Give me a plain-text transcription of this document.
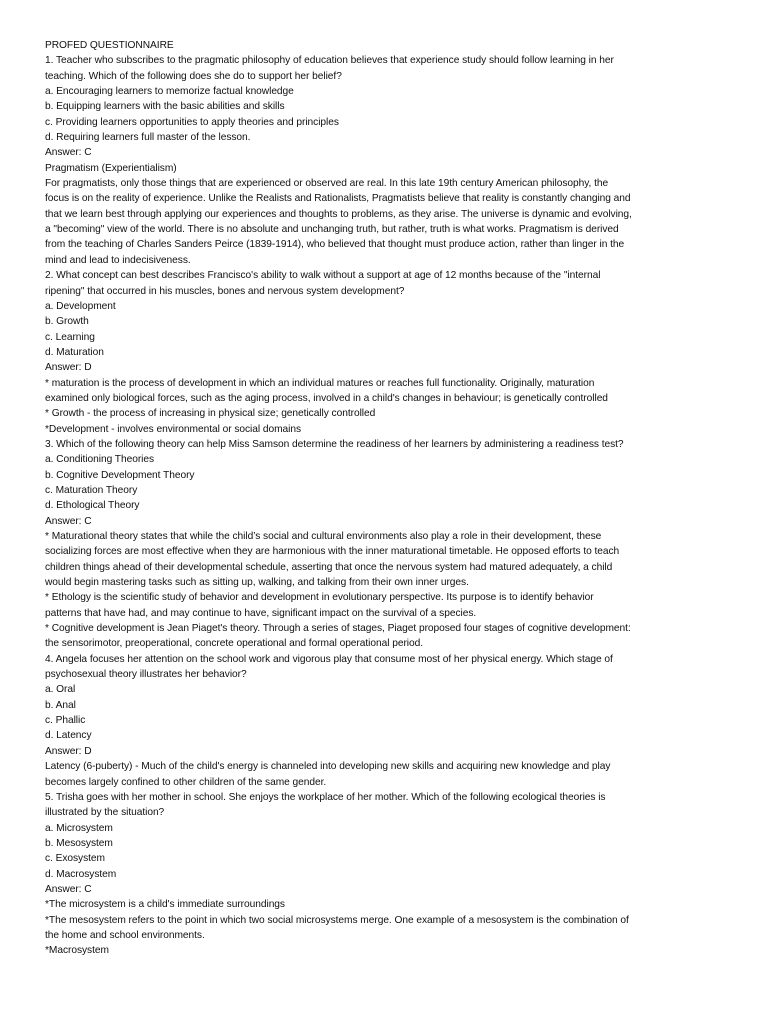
PROFED QUESTIONNAIRE
1. Teacher who subscribes to the pragmatic philosophy of education believes that experience study should follow learning in her
teaching. Which of the following does she do to support her belief?
a. Encouraging learners to memorize factual knowledge
b. Equipping learners with the basic abilities and skills
c. Providing learners opportunities to apply theories and principles
d. Requiring learners full master of the lesson.
Answer: C
Pragmatism (Experientialism)
For pragmatists, only those things that are experienced or observed are real. In this late 19th century American philosophy, the
focus is on the reality of experience. Unlike the Realists and Rationalists, Pragmatists believe that reality is constantly changing and
that we learn best through applying our experiences and thoughts to problems, as they arise. The universe is dynamic and evolving,
a "becoming" view of the world. There is no absolute and unchanging truth, but rather, truth is what works. Pragmatism is derived
from the teaching of Charles Sanders Peirce (1839-1914), who believed that thought must produce action, rather than linger in the
mind and lead to indecisiveness.
2. What concept can best describes Francisco's ability to walk without a support at age of 12 months because of the "internal
ripening" that occurred in his muscles, bones and nervous system development?
a. Development
b. Growth
c. Learning
d. Maturation
Answer: D
* maturation is the process of development in which an individual matures or reaches full functionality. Originally, maturation
examined only biological forces, such as the aging process, involved in a child's changes in behaviour; is genetically controlled
* Growth - the process of increasing in physical size; genetically controlled
*Development - involves environmental or social domains
3. Which of the following theory can help Miss Samson determine the readiness of her learners by administering a readiness test?
a. Conditioning Theories
b. Cognitive Development Theory
c. Maturation Theory
d. Ethological Theory
Answer: C
* Maturational theory states that while the child’s social and cultural environments also play a role in their development, these
socializing forces are most effective when they are harmonious with the inner maturational timetable. He opposed efforts to teach
children things ahead of their developmental schedule, asserting that once the nervous system had matured adequately, a child
would begin mastering tasks such as sitting up, walking, and talking from their own inner urges.
* Ethology is the scientific study of behavior and development in evolutionary perspective. Its purpose is to identify behavior
patterns that have had, and may continue to have, significant impact on the survival of a species.
* Cognitive development is Jean Piaget's theory. Through a series of stages, Piaget proposed four stages of cognitive development:
the sensorimotor, preoperational, concrete operational and formal operational period.
4. Angela focuses her attention on the school work and vigorous play that consume most of her physical energy. Which stage of
psychosexual theory illustrates her behavior?
a. Oral
b. Anal
c. Phallic
d. Latency
Answer: D
Latency (6-puberty) - Much of the child's energy is channeled into developing new skills and acquiring new knowledge and play
becomes largely confined to other children of the same gender.
5. Trisha goes with her mother in school. She enjoys the workplace of her mother. Which of the following ecological theories is
illustrated by the situation?
a. Microsystem
b. Mesosystem
c. Exosystem
d. Macrosystem
Answer: C
*The microsystem is a child's immediate surroundings
*The mesosystem refers to the point in which two social microsystems merge. One example of a mesosystem is the combination of
the home and school environments.
*Macrosystem
